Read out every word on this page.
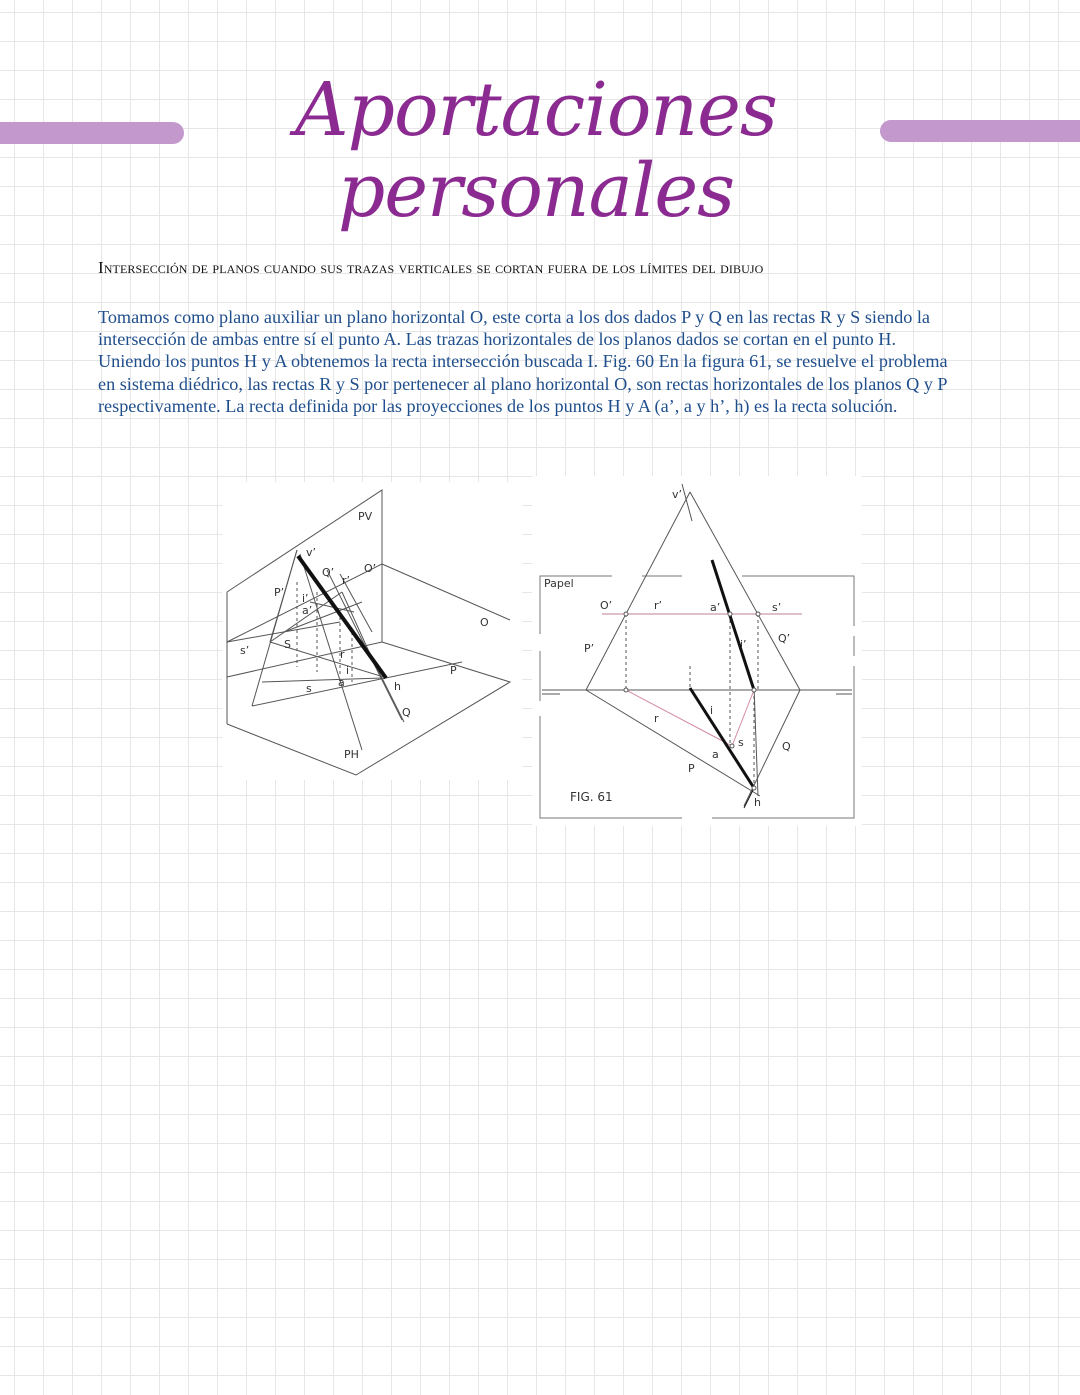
Aportaciones personales
Intersección de planos cuando sus trazas verticales se cortan fuera de los límites del dibujo

Tomamos como plano auxiliar un plano horizontal O, este corta a los dos dados P y Q en las rectas R y S siendo la intersección de ambas entre sí el punto A. Las trazas horizontales de los planos dados se cortan en el punto H. Uniendo los puntos H y A obtenemos la recta intersección buscada I. Fig. 60 En la figura 61, se resuelve el problema en sistema diédrico, las rectas R y S por pertenecer al plano horizontal O, son rectas horizontales de los planos Q y P respectivamente. La recta definida por las proyecciones de los puntos H y A (a’, a y h’, h) es la recta solución.

PV
v’
Q’
r’
O’
P’ i’
a’
s’	S
O
P
r
i
s a	h
Q
PH
v’
Papel
O’	r’	a’	s’
P’	i’	Q’
r
i
s
a
Q
P
h
FIG. 61
